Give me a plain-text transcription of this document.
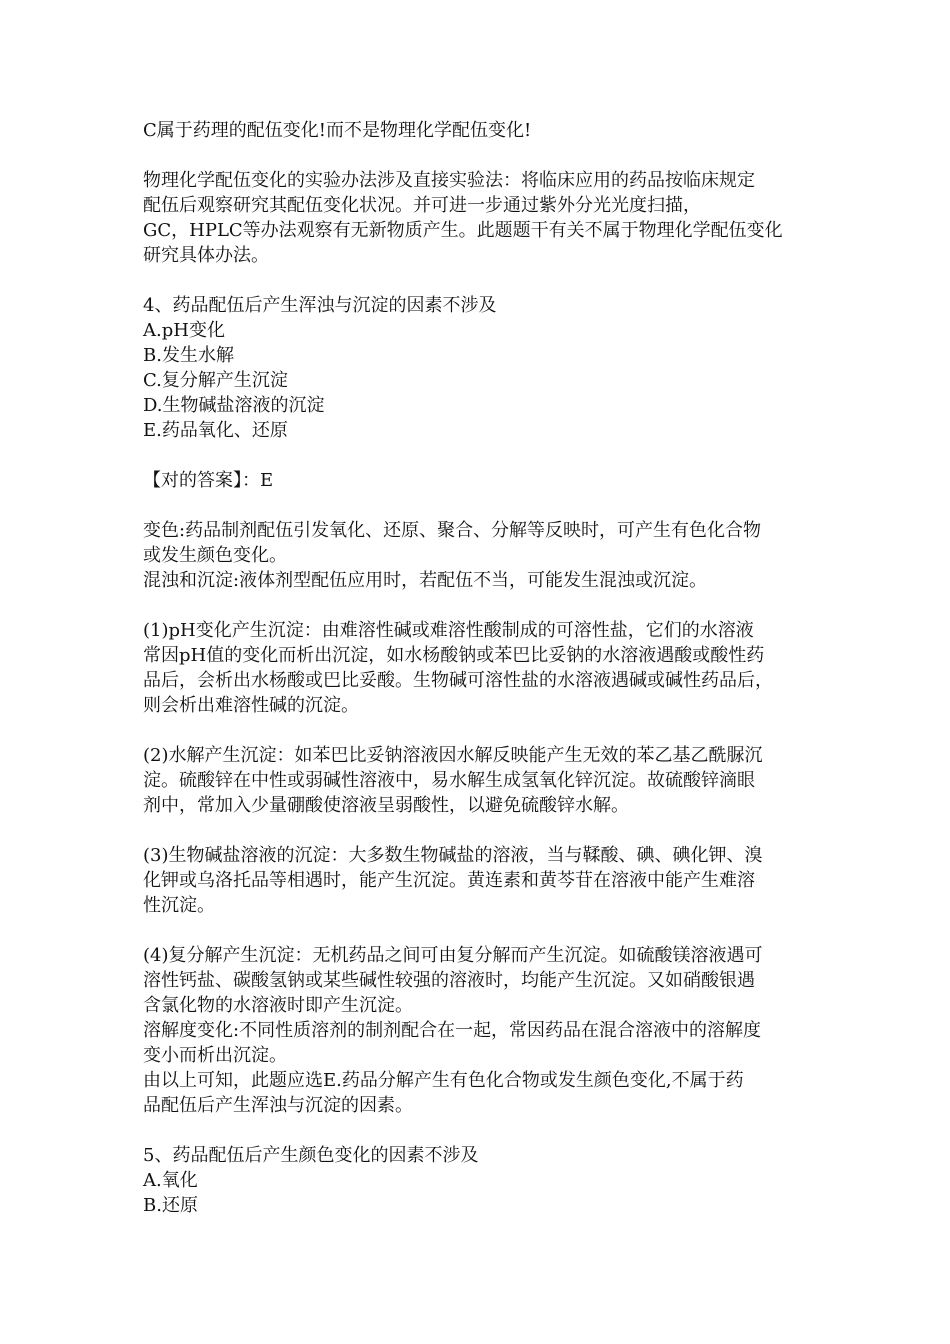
C属于药理的配伍变化!而不是物理化学配伍变化!
物理化学配伍变化的实验办法涉及直接实验法：将临床应用的药品按临床规定
配伍后观察研究其配伍变化状况。并可进一步通过紫外分光光度扫描，
GC，HPLC等办法观察有无新物质产生。此题题干有关不属于物理化学配伍变化
研究具体办法。
4、药品配伍后产生浑浊与沉淀的因素不涉及
A.pH变化
B.发生水解
C.复分解产生沉淀
D.生物碱盐溶液的沉淀
E.药品氧化、还原
【对的答案】：E
变色:药品制剂配伍引发氧化、还原、聚合、分解等反映时，可产生有色化合物
或发生颜色变化。
混浊和沉淀:液体剂型配伍应用时，若配伍不当，可能发生混浊或沉淀。
(1)pH变化产生沉淀：由难溶性碱或难溶性酸制成的可溶性盐，它们的水溶液
常因pH值的变化而析出沉淀，如水杨酸钠或苯巴比妥钠的水溶液遇酸或酸性药
品后，会析出水杨酸或巴比妥酸。生物碱可溶性盐的水溶液遇碱或碱性药品后，
则会析出难溶性碱的沉淀。
(2)水解产生沉淀：如苯巴比妥钠溶液因水解反映能产生无效的苯乙基乙酰脲沉
淀。硫酸锌在中性或弱碱性溶液中，易水解生成氢氧化锌沉淀。故硫酸锌滴眼
剂中，常加入少量硼酸使溶液呈弱酸性，以避免硫酸锌水解。
(3)生物碱盐溶液的沉淀：大多数生物碱盐的溶液，当与鞣酸、碘、碘化钾、溴
化钾或乌洛托品等相遇时，能产生沉淀。黄连素和黄芩苷在溶液中能产生难溶
性沉淀。
(4)复分解产生沉淀：无机药品之间可由复分解而产生沉淀。如硫酸镁溶液遇可
溶性钙盐、碳酸氢钠或某些碱性较强的溶液时，均能产生沉淀。又如硝酸银遇
含氯化物的水溶液时即产生沉淀。
溶解度变化:不同性质溶剂的制剂配合在一起，常因药品在混合溶液中的溶解度
变小而析出沉淀。
由以上可知，此题应选E.药品分解产生有色化合物或发生颜色变化,不属于药
品配伍后产生浑浊与沉淀的因素。
5、药品配伍后产生颜色变化的因素不涉及
A.氧化
B.还原
